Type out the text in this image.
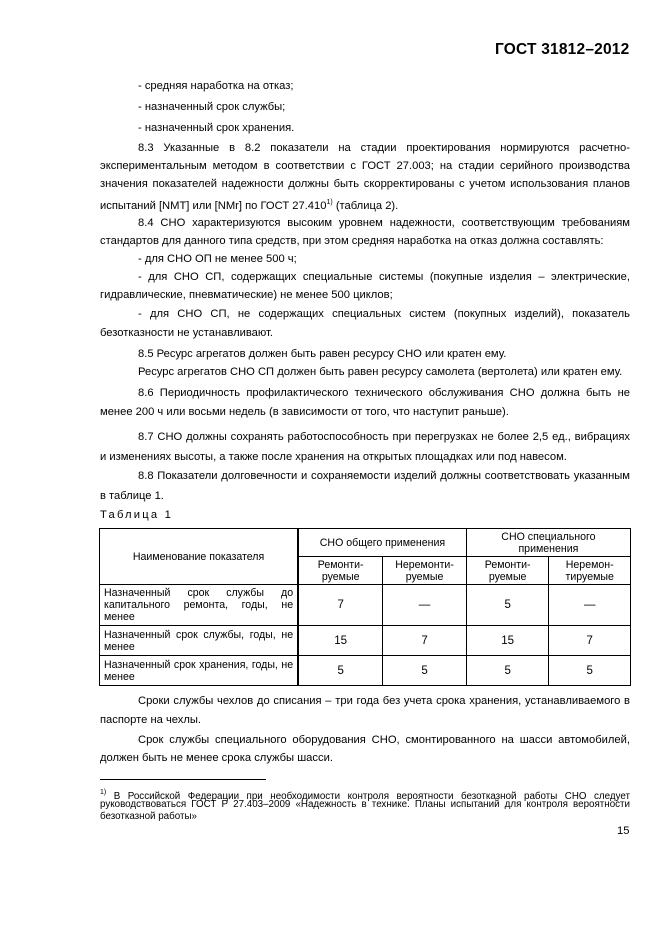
ГОСТ 31812–2012
- средняя наработка на отказ;
- назначенный срок службы;
- назначенный срок хранения.
8.3 Указанные в 8.2 показатели на стадии проектирования нормируются расчетно-
экспериментальным методом в соответствии с ГОСТ 27.003; на стадии серийного производства
значения показателей надежности должны быть скорректированы с учетом использования планов
испытаний [NMT] или [NMr] по ГОСТ 27.410$^{1)}$ (таблица 2).
8.4 СНО характеризуются высоким уровнем надежности, соответствующим требованиям
стандартов для данного типа средств, при этом средняя наработка на отказ должна составлять:
- для СНО ОП не менее 500 ч;
- для СНО СП, содержащих специальные системы (покупные изделия – электрические,
гидравлические, пневматические) не менее 500 циклов;
- для СНО СП, не содержащих специальных систем (покупных изделий), показатель
безотказности не устанавливают.
8.5 Ресурс агрегатов должен быть равен ресурсу СНО или кратен ему.
Ресурс агрегатов СНО СП должен быть равен ресурсу самолета (вертолета) или кратен ему.
8.6 Периодичность профилактического технического обслуживания СНО должна быть не
менее 200 ч или восьми недель (в зависимости от того, что наступит раньше).
8.7 СНО должны сохранять работоспособность при перегрузках не более 2,5 ед., вибрациях
и изменениях высоты, а также после хранения на открытых площадках или под навесом.
8.8 Показатели долговечности и сохраняемости изделий должны соответствовать указанным
в таблице 1.
Таблица 1
Наименование показателя	СНО общего применения		СНО специального применения	
	Ремонти-руемые	Неремонти-руемые	Ремонти-руемые	Неремон-тируемые
Назначенный срок службы до капитального ремонта, годы, не менее	7	—	5	—
Назначенный срок службы, годы, не менее	15	7	15	7
Назначенный срок хранения, годы, не менее	5	5	5	5
Сроки службы чехлов до списания – три года без учета срока хранения, устанавливаемого в
паспорте на чехлы.
Срок службы специального оборудования СНО, смонтированного на шасси автомобилей,
должен быть не менее срока службы шасси.
$^{1)}$ В Российской Федерации при необходимости контроля вероятности безотказной работы СНО следует
руководствоваться ГОСТ Р 27.403–2009 «Надежность в технике. Планы испытаний для контроля вероятности
безотказной работы»
15
